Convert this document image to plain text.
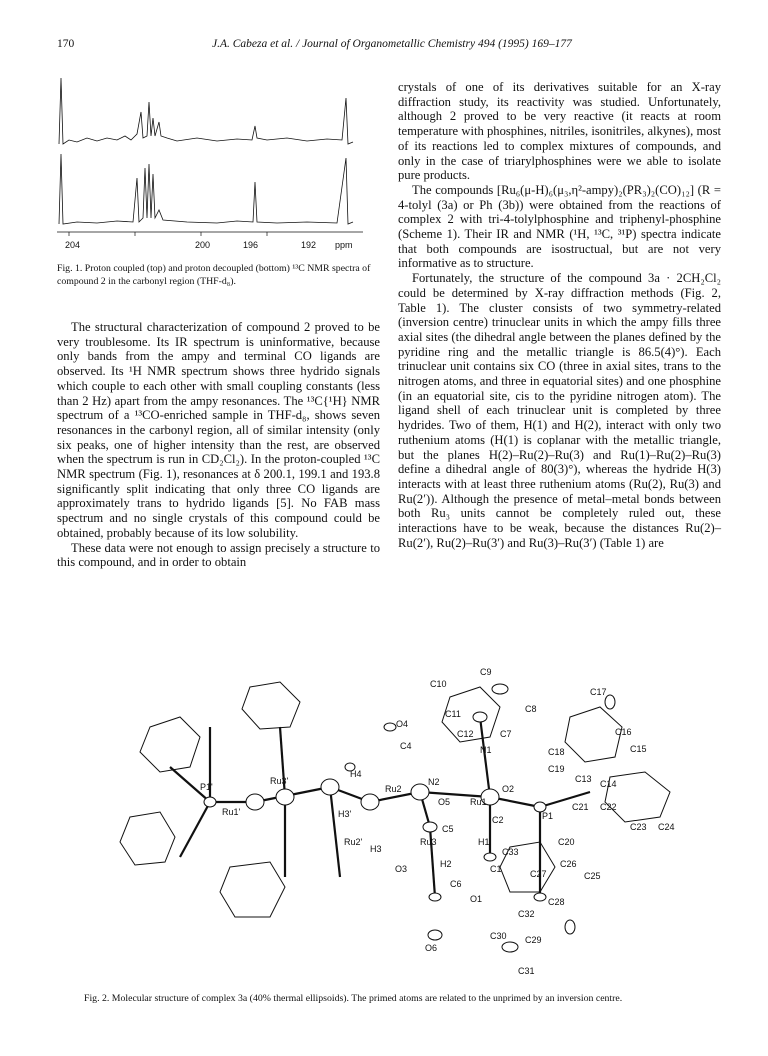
170	J.A. Cabeza et al. / Journal of Organometallic Chemistry 494 (1995) 169–177
204	200	196	192 ppm
Fig. 1. Proton coupled (top) and proton decoupled (bottom) ¹³C NMR spectra of compound 2 in the carbonyl region (THF-d₈).

The structural characterization of compound 2 proved to be very troublesome. Its IR spectrum is uninformative, because only bands from the ampy and terminal CO ligands are observed. Its ¹H NMR spectrum shows three hydrido signals which couple to each other with small coupling constants (less than 2 Hz) apart from the ampy resonances. The ¹³C{¹H} NMR spectrum of a ¹³CO-enriched sample in THF-d₈, shows seven resonances in the carbonyl region, all of similar intensity (only six peaks, one of higher intensity than the rest, are observed when the spectrum is run in CD₂Cl₂). In the proton-coupled ¹³C NMR spectrum (Fig. 1), resonances at δ 200.1, 199.1 and 193.8 significantly split indicating that only three CO ligands are approximately trans to hydrido ligands [5]. No FAB mass spectrum and no single crystals of this compound could be obtained, probably because of its low solubility.

These data were not enough to assign precisely a structure to this compound, and in order to obtain

crystals of one of its derivatives suitable for an X-ray diffraction study, its reactivity was studied. Unfortunately, although 2 proved to be very reactive (it reacts at room temperature with phosphines, nitriles, isonitriles, alkynes), most of its reactions led to complex mixtures of compounds, and only in the case of triarylphosphines were we able to isolate pure products.

The compounds [Ru₆(μ-H)₆(μ₃,η²-ampy)₂(PR₃)₂(CO)₁₂] (R = 4-tolyl (3a) or Ph (3b)) were obtained from the reactions of complex 2 with tri-4-tolylphosphine and triphenyl-phosphine (Scheme 1). Their IR and NMR (¹H, ¹³C, ³¹P) spectra indicate that both compounds are isostructual, but are not very informative as to structure.

Fortunately, the structure of the compound 3a · 2CH₂Cl₂ could be determined by X-ray diffraction methods (Fig. 2, Table 1). The cluster consists of two symmetry-related (inversion centre) trinuclear units in which the ampy fills three axial sites (the dihedral angle between the planes defined by the pyridine ring and the metallic triangle is 86.5(4)°). Each trinuclear unit contains six CO (three in axial sites, trans to the nitrogen atoms, and three in equatorial sites) and one phosphine (in an equatorial site, cis to the pyridine nitrogen atom). The ligand shell of each trinuclear unit is completed by three hydrides. Two of them, H(1) and H(2), interact with only two ruthenium atoms (H(1) is coplanar with the metallic triangle, but the planes H(2)–Ru(2)–Ru(3) and Ru(1)–Ru(2)–Ru(3) define a dihedral angle of 80(3)°), whereas the hydride H(3) interacts with at least three ruthenium atoms (Ru(2), Ru(3) and Ru(2′)). Although the presence of metal–metal bonds between both Ru₃ units cannot be completely ruled out, these interactions have to be weak, because the distances Ru(2)–Ru(2′), Ru(2)–Ru(3′) and Ru(3)–Ru(3′) (Table 1) are

C10
C9
C17
C11	C8
O4
C7	C16
C12
C15
C4	N1	C18
H4	C19
C13
N2	C14
Ru3'
Ru2	O2
O5 Ru1	C21 C22
P1'
Ru1'	H3'
C2	P1
C23 C24
C5
C20
Ru2'
H3
Ru3	H1
C33
H2	C1	C27
O3	C26
C25
C6
C28
O1
C32
C30 C29
O6
C31
Fig. 2. Molecular structure of complex 3a (40% thermal ellipsoids). The primed atoms are related to the unprimed by an inversion centre.
